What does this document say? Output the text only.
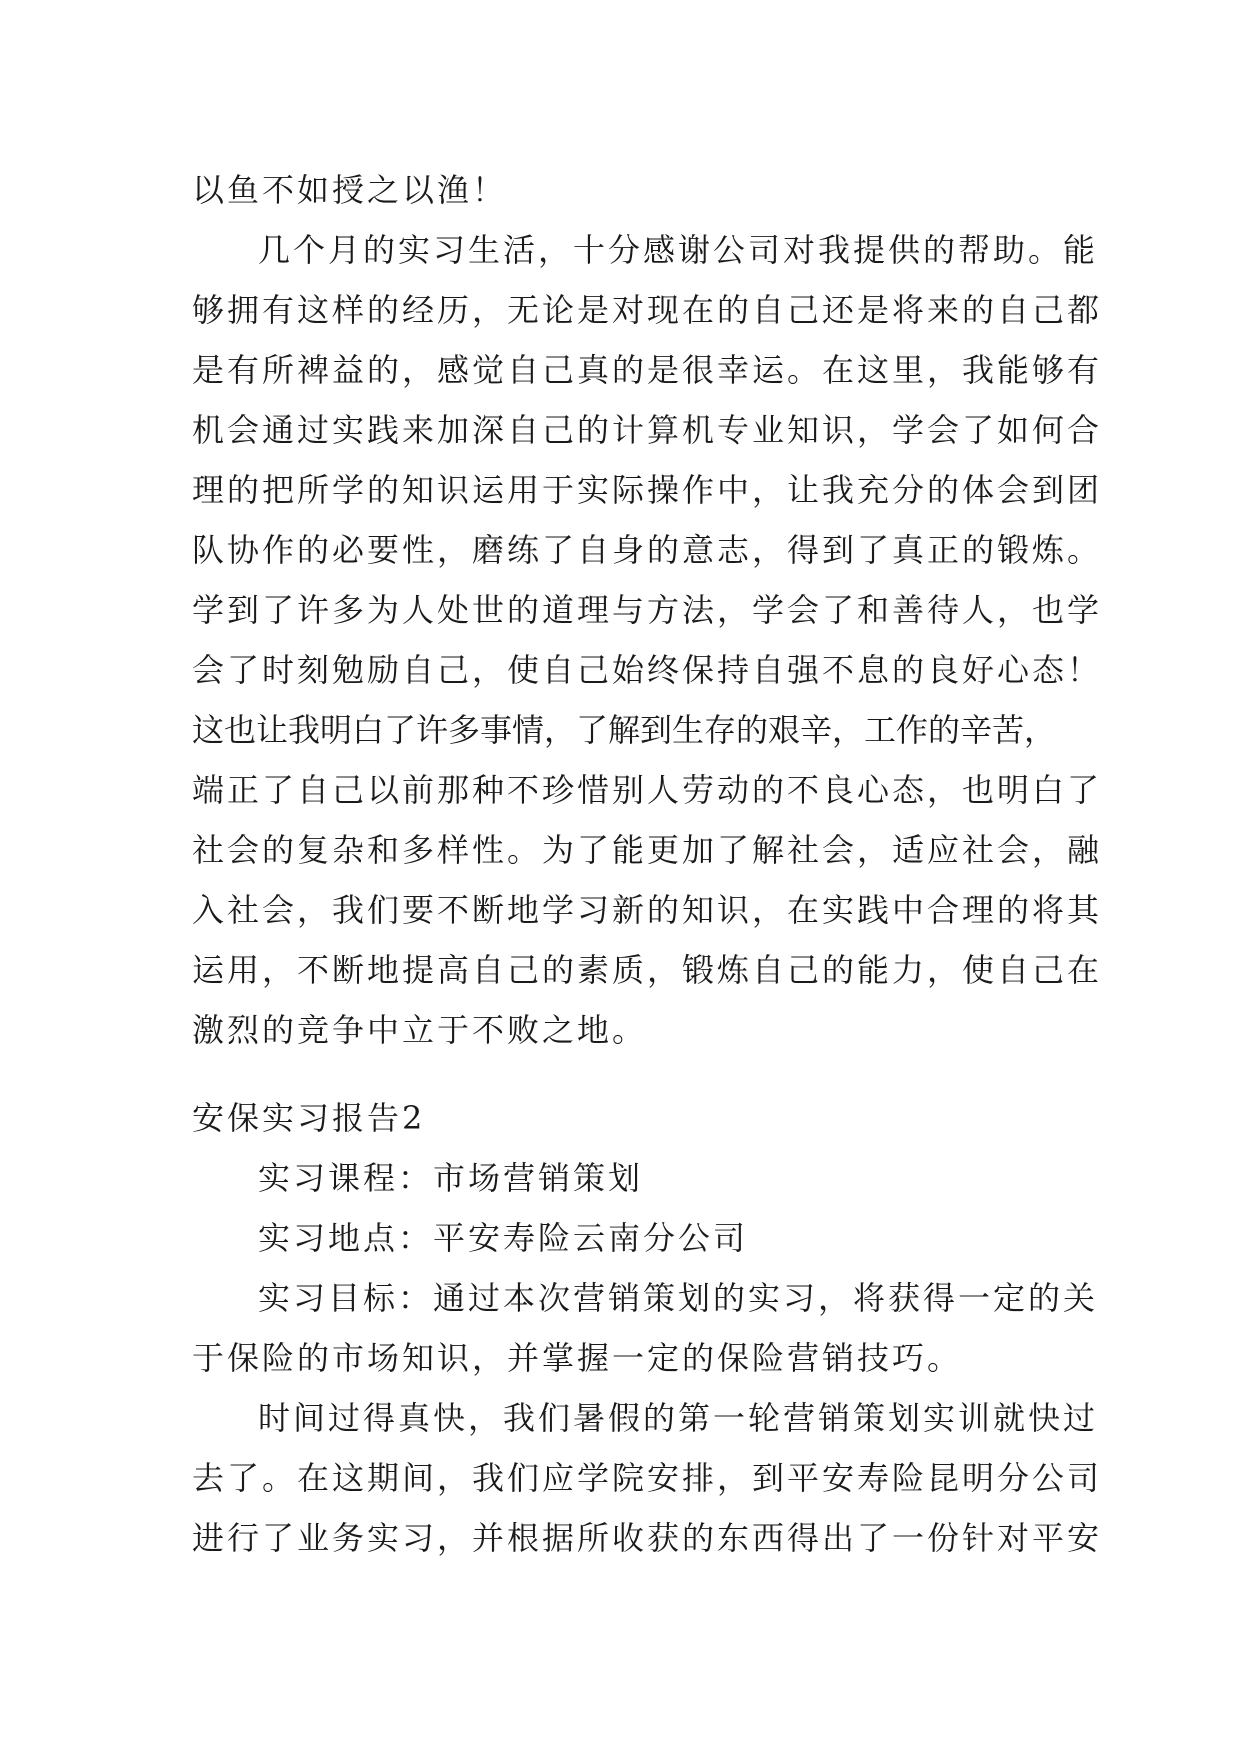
以鱼不如授之以渔！
几个月的实习生活，十分感谢公司对我提供的帮助。能
够拥有这样的经历，无论是对现在的自己还是将来的自己都
是有所裨益的，感觉自己真的是很幸运。在这里，我能够有
机会通过实践来加深自己的计算机专业知识，学会了如何合
理的把所学的知识运用于实际操作中，让我充分的体会到团
队协作的必要性，磨练了自身的意志，得到了真正的锻炼。
学到了许多为人处世的道理与方法，学会了和善待人，也学
会了时刻勉励自己，使自己始终保持自强不息的良好心态！
这也让我明白了许多事情，了解到生存的艰辛，工作的辛苦，
端正了自己以前那种不珍惜别人劳动的不良心态，也明白了
社会的复杂和多样性。为了能更加了解社会，适应社会，融
入社会，我们要不断地学习新的知识，在实践中合理的将其
运用，不断地提高自己的素质，锻炼自己的能力，使自己在
激烈的竞争中立于不败之地。
安保实习报告2
实习课程：市场营销策划
实习地点：平安寿险云南分公司
实习目标：通过本次营销策划的实习，将获得一定的关
于保险的市场知识，并掌握一定的保险营销技巧。
时间过得真快，我们暑假的第一轮营销策划实训就快过
去了。在这期间，我们应学院安排，到平安寿险昆明分公司
进行了业务实习，并根据所收获的东西得出了一份针对平安
